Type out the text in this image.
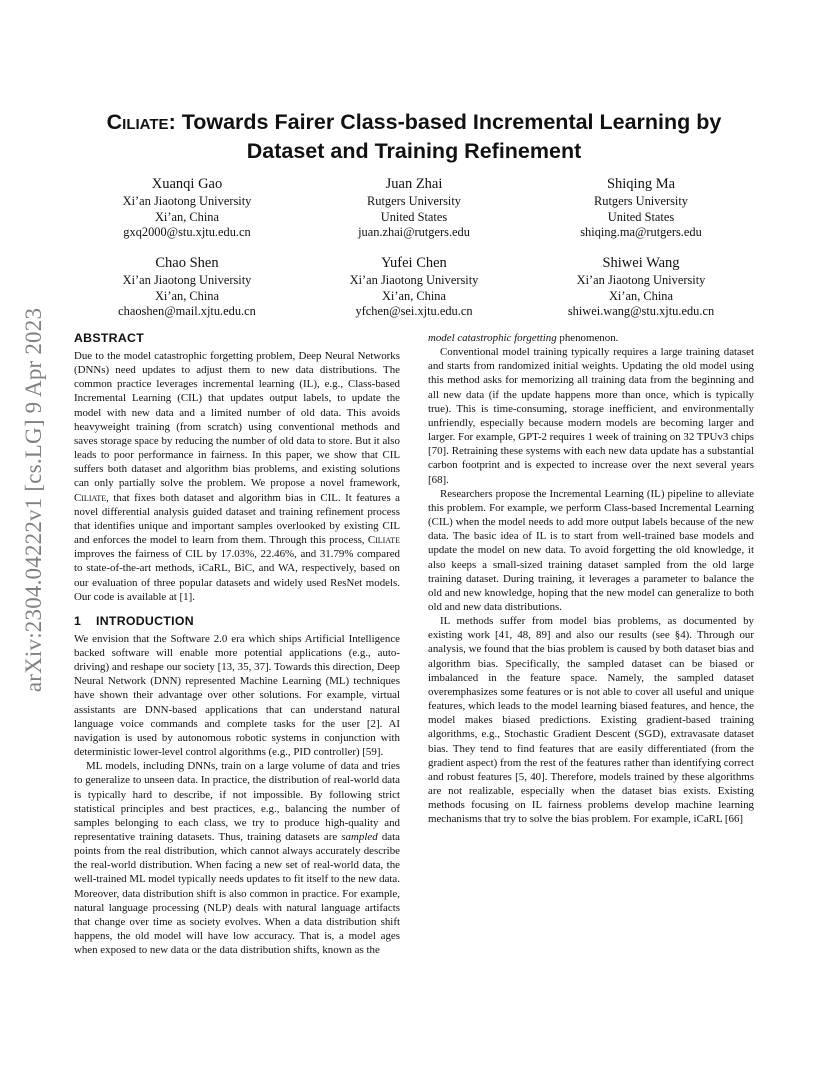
arXiv:2304.04222v1 [cs.LG] 9 Apr 2023
Ciliate: Towards Fairer Class-based Incremental Learning by Dataset and Training Refinement
Xuanqi Gao
Xi’an Jiaotong University
Xi’an, China
gxq2000@stu.xjtu.edu.cn
Juan Zhai
Rutgers University
United States
juan.zhai@rutgers.edu
Shiqing Ma
Rutgers University
United States
shiqing.ma@rutgers.edu
Chao Shen
Xi’an Jiaotong University
Xi’an, China
chaoshen@mail.xjtu.edu.cn
Yufei Chen
Xi’an Jiaotong University
Xi’an, China
yfchen@sei.xjtu.edu.cn
Shiwei Wang
Xi’an Jiaotong University
Xi’an, China
shiwei.wang@stu.xjtu.edu.cn
ABSTRACT

Due to the model catastrophic forgetting problem, Deep Neural Networks (DNNs) need updates to adjust them to new data distributions. The common practice leverages incremental learning (IL), e.g., Class-based Incremental Learning (CIL) that updates output labels, to update the model with new data and a limited number of old data. This avoids heavyweight training (from scratch) using conventional methods and saves storage space by reducing the number of old data to store. But it also leads to poor performance in fairness. In this paper, we show that CIL suffers both dataset and algorithm bias problems, and existing solutions can only partially solve the problem. We propose a novel framework, Ciliate, that fixes both dataset and algorithm bias in CIL. It features a novel differential analysis guided dataset and training refinement process that identifies unique and important samples overlooked by existing CIL and enforces the model to learn from them. Through this process, Ciliate improves the fairness of CIL by 17.03%, 22.46%, and 31.79% compared to state-of-the-art methods, iCaRL, BiC, and WA, respectively, based on our evaluation of three popular datasets and widely used ResNet models. Our code is available at [1].

1 INTRODUCTION

We envision that the Software 2.0 era which ships Artificial Intelligence backed software will enable more potential applications (e.g., auto-driving) and reshape our society [13, 35, 37]. Towards this direction, Deep Neural Network (DNN) represented Machine Learning (ML) techniques have shown their advantage over other solutions. For example, virtual assistants are DNN-based applications that can understand natural language voice commands and complete tasks for the user [2]. AI navigation is used by autonomous robotic systems in conjunction with deterministic lower-level control algorithms (e.g., PID controller) [59].

ML models, including DNNs, train on a large volume of data and tries to generalize to unseen data. In practice, the distribution of real-world data is typically hard to describe, if not impossible. By following strict statistical principles and best practices, e.g., balancing the number of samples belonging to each class, we try to produce high-quality and representative training datasets. Thus, training datasets are sampled data points from the real distribution, which cannot always accurately describe the real-world distribution. When facing a new set of real-world data, the well-trained ML model typically needs updates to fit itself to the new data. Moreover, data distribution shift is also common in practice. For example, natural language processing (NLP) deals with natural language artifacts that change over time as society evolves. When a data distribution shift happens, the old model will have low accuracy. That is, a model ages when exposed to new data or the data distribution shifts, known as the

model catastrophic forgetting phenomenon.

Conventional model training typically requires a large training dataset and starts from randomized initial weights. Updating the old model using this method asks for memorizing all training data from the beginning and all new data (if the update happens more than once, which is typically true). This is time-consuming, storage inefficient, and environmentally unfriendly, especially because modern models are becoming larger and larger. For example, GPT-2 requires 1 week of training on 32 TPUv3 chips [70]. Retraining these systems with each new data update has a substantial carbon footprint and is expected to increase over the next several years [68].

Researchers propose the Incremental Learning (IL) pipeline to alleviate this problem. For example, we perform Class-based Incremental Learning (CIL) when the model needs to add more output labels because of the new data. The basic idea of IL is to start from well-trained base models and update the model on new data. To avoid forgetting the old knowledge, it also keeps a small-sized training dataset sampled from the old large training dataset. During training, it leverages a parameter to balance the old and new knowledge, hoping that the new model can generalize to both old and new data distributions.

IL methods suffer from model bias problems, as documented by existing work [41, 48, 89] and also our results (see §4). Through our analysis, we found that the bias problem is caused by both dataset bias and algorithm bias. Specifically, the sampled dataset can be biased or imbalanced in the feature space. Namely, the sampled dataset overemphasizes some features or is not able to cover all useful and unique features, which leads to the model learning biased features, and hence, the model makes biased predictions. Existing gradient-based training algorithms, e.g., Stochastic Gradient Descent (SGD), extravasate dataset bias. They tend to find features that are easily differentiated (from the gradient aspect) from the rest of the features rather than identifying correct and robust features [5, 40]. Therefore, models trained by these algorithms are not realizable, especially when the dataset bias exists. Existing methods focusing on IL fairness problems develop machine learning mechanisms that try to solve the bias problem. For example, iCaRL [66]
